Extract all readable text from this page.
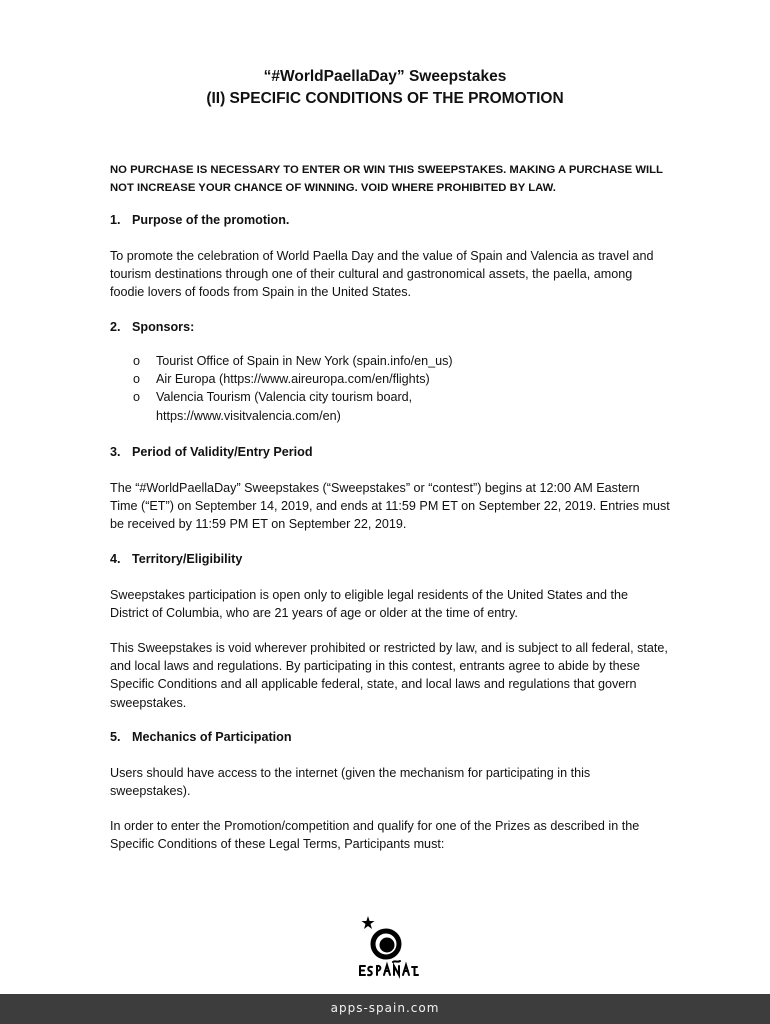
“#WorldPaellaDay” Sweepstakes
(II) SPECIFIC CONDITIONS OF THE PROMOTION

NO PURCHASE IS NECESSARY TO ENTER OR WIN THIS SWEEPSTAKES. MAKING A PURCHASE WILL NOT INCREASE YOUR CHANCE OF WINNING. VOID WHERE PROHIBITED BY LAW.

1. Purpose of the promotion.

To promote the celebration of World Paella Day and the value of Spain and Valencia as travel and tourism destinations through one of their cultural and gastronomical assets, the paella, among foodie lovers of foods from Spain in the United States.

2. Sponsors:

o Tourist Office of Spain in New York (spain.info/en_us)
o Air Europa (https://www.aireuropa.com/en/flights)
o Valencia Tourism (Valencia city tourism board, https://www.visitvalencia.com/en)

3. Period of Validity/Entry Period

The “#WorldPaellaDay” Sweepstakes (“Sweepstakes” or “contest”) begins at 12:00 AM Eastern Time (“ET”) on September 14, 2019, and ends at 11:59 PM ET on September 22, 2019. Entries must be received by 11:59 PM ET on September 22, 2019.

4. Territory/Eligibility

Sweepstakes participation is open only to eligible legal residents of the United States and the District of Columbia, who are 21 years of age or older at the time of entry.

This Sweepstakes is void wherever prohibited or restricted by law, and is subject to all federal, state, and local laws and regulations. By participating in this contest, entrants agree to abide by these Specific Conditions and all applicable federal, state, and local laws and regulations that govern sweepstakes.

5. Mechanics of Participation

Users should have access to the internet (given the mechanism for participating in this sweepstakes).

In order to enter the Promotion/competition and qualify for one of the Prizes as described in the Specific Conditions of these Legal Terms, Participants must:

apps-spain.com
